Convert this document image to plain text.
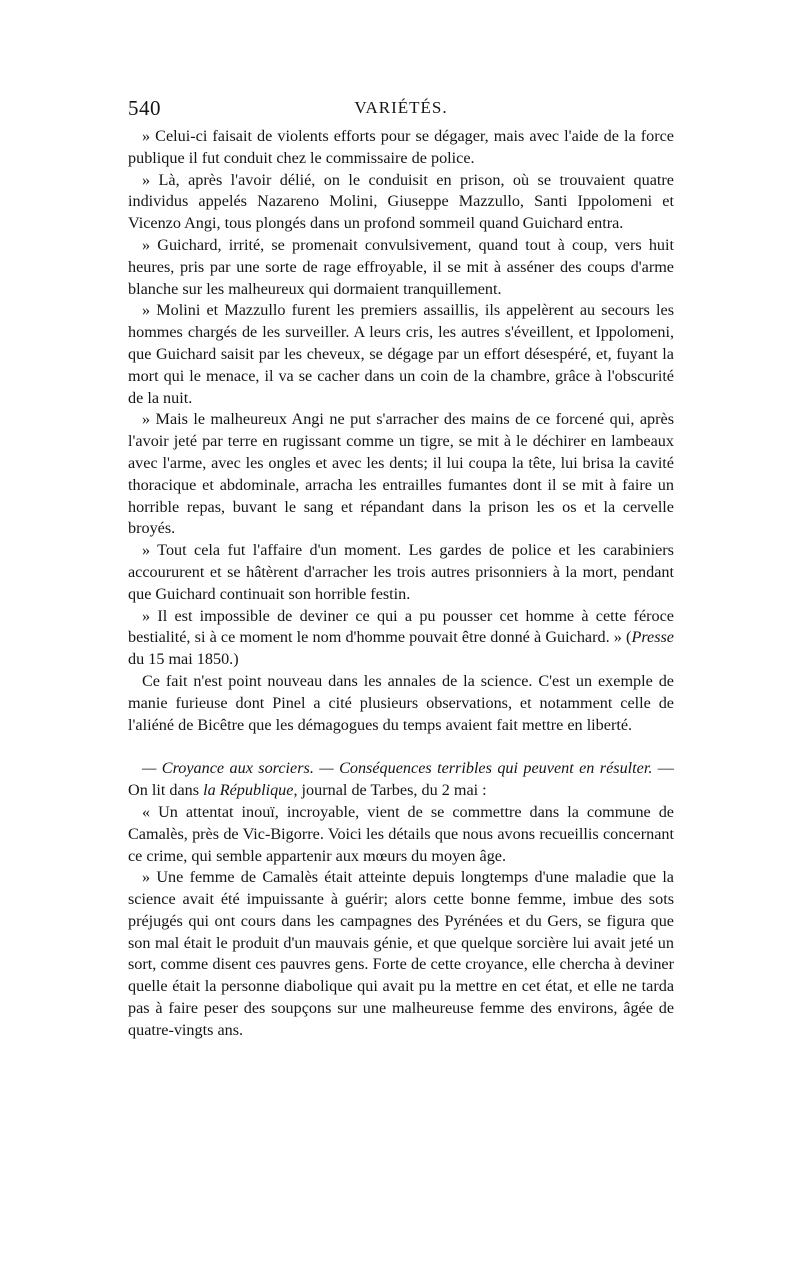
540	VARIÉTÉS.

» Celui-ci faisait de violents efforts pour se dégager, mais avec l'aide de la force publique il fut conduit chez le commissaire de police.

» Là, après l'avoir délié, on le conduisit en prison, où se trouvaient quatre individus appelés Nazareno Molini, Giuseppe Mazzullo, Santi Ippolomeni et Vicenzo Angi, tous plongés dans un profond sommeil quand Guichard entra.

» Guichard, irrité, se promenait convulsivement, quand tout à coup, vers huit heures, pris par une sorte de rage effroyable, il se mit à asséner des coups d'arme blanche sur les malheureux qui dormaient tranquillement.

» Molini et Mazzullo furent les premiers assaillis, ils appelèrent au secours les hommes chargés de les surveiller. A leurs cris, les autres s'éveillent, et Ippolomeni, que Guichard saisit par les cheveux, se dégage par un effort désespéré, et, fuyant la mort qui le menace, il va se cacher dans un coin de la chambre, grâce à l'obscurité de la nuit.

» Mais le malheureux Angi ne put s'arracher des mains de ce forcené qui, après l'avoir jeté par terre en rugissant comme un tigre, se mit à le déchirer en lambeaux avec l'arme, avec les ongles et avec les dents; il lui coupa la tête, lui brisa la cavité thoracique et abdominale, arracha les entrailles fumantes dont il se mit à faire un horrible repas, buvant le sang et répandant dans la prison les os et la cervelle broyés.

» Tout cela fut l'affaire d'un moment. Les gardes de police et les carabiniers accoururent et se hâtèrent d'arracher les trois autres prisonniers à la mort, pendant que Guichard continuait son horrible festin.

» Il est impossible de deviner ce qui a pu pousser cet homme à cette féroce bestialité, si à ce moment le nom d'homme pouvait être donné à Guichard. » (Presse du 15 mai 1850.)

Ce fait n'est point nouveau dans les annales de la science. C'est un exemple de manie furieuse dont Pinel a cité plusieurs observations, et notamment celle de l'aliéné de Bicêtre que les démagogues du temps avaient fait mettre en liberté.

— Croyance aux sorciers. — Conséquences terribles qui peuvent en résulter. — On lit dans la République, journal de Tarbes, du 2 mai :

« Un attentat inouï, incroyable, vient de se commettre dans la commune de Camalès, près de Vic-Bigorre. Voici les détails que nous avons recueillis concernant ce crime, qui semble appartenir aux mœurs du moyen âge.

» Une femme de Camalès était atteinte depuis longtemps d'une maladie que la science avait été impuissante à guérir; alors cette bonne femme, imbue des sots préjugés qui ont cours dans les campagnes des Pyrénées et du Gers, se figura que son mal était le produit d'un mauvais génie, et que quelque sorcière lui avait jeté un sort, comme disent ces pauvres gens. Forte de cette croyance, elle chercha à deviner quelle était la personne diabolique qui avait pu la mettre en cet état, et elle ne tarda pas à faire peser des soupçons sur une malheureuse femme des environs, âgée de quatre-vingts ans.
